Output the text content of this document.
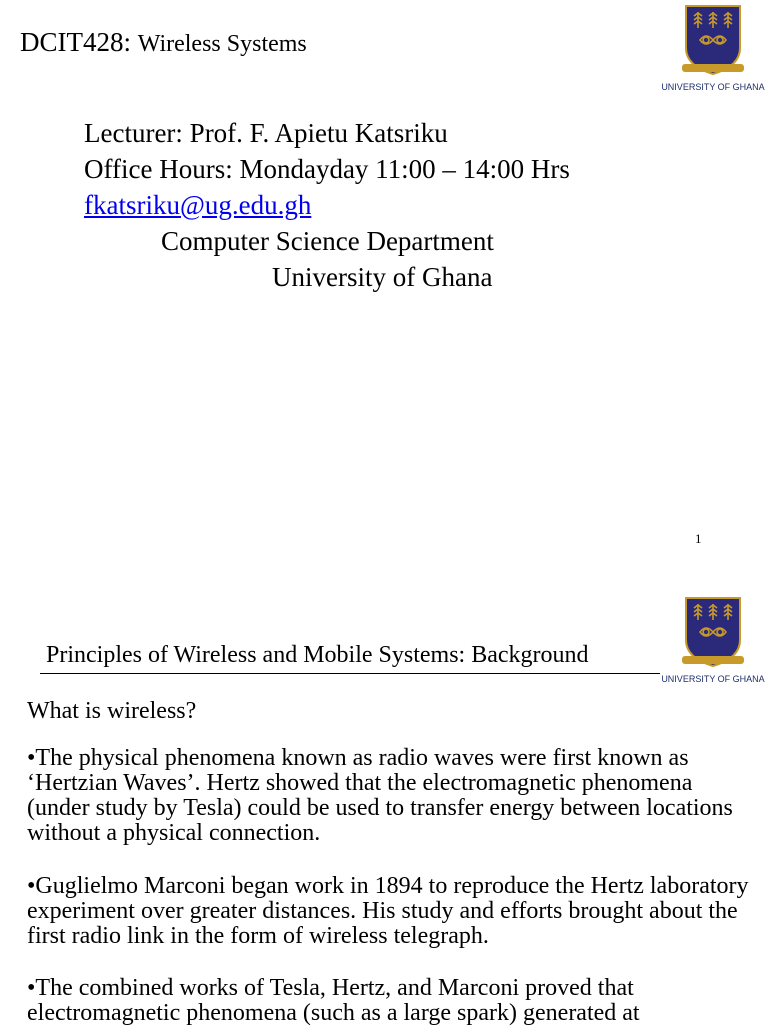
DCIT428: Wireless Systems
UNIVERSITY OF GHANA
Lecturer: Prof. F. Apietu Katsriku
Office Hours: Mondayday 11:00 – 14:00 Hrs
fkatsriku@ug.edu.gh
Computer Science Department
University of Ghana
1
UNIVERSITY OF GHANA
Principles of Wireless and Mobile Systems: Background
What is wireless?
•The physical phenomena known as radio waves were first known as ‘Hertzian Waves’. Hertz showed that the electromagnetic phenomena (under study by Tesla) could be used to transfer energy between locations without a physical connection.
•Guglielmo Marconi began work in 1894 to reproduce the Hertz laboratory experiment over greater distances. His study and efforts brought about the first radio link in the form of wireless telegraph.
•The combined works of Tesla, Hertz, and Marconi proved that electromagnetic phenomena (such as a large spark) generated at
